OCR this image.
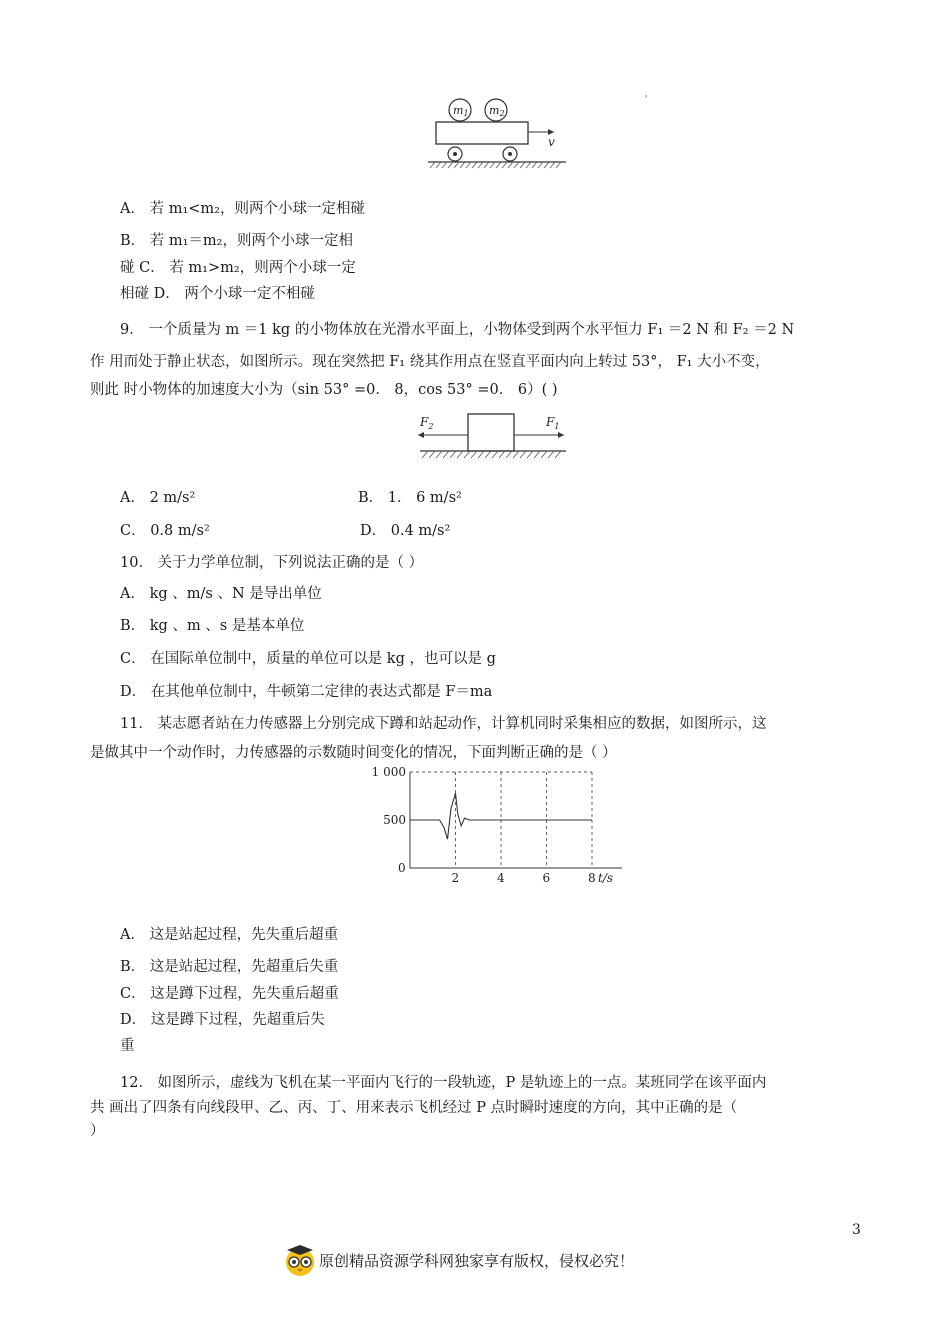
m1 m2
v
'
A． 若 m₁<m₂，则两个小球一定相碰
B． 若 m₁＝m₂，则两个小球一定相
碰 C． 若 m₁>m₂，则两个小球一定
相碰 D． 两个小球一定不相碰
9． 一个质量为 m ＝1 kg 的小物体放在光滑水平面上，小物体受到两个水平恒力 F₁ ＝2 N 和 F₂ ＝2 N
作 用而处于静止状态，如图所示。现在突然把 F₁ 绕其作用点在竖直平面内向上转过 53°， F₁ 大小不变，
则此 时小物体的加速度大小为（sin 53° =0． 8，cos 53° =0． 6）( )
$F_2$	$F_1$
A． 2 m/s²	B． 1． 6 m/s²
C． 0.8 m/s²	D． 0.4 m/s²
10． 关于力学单位制，下列说法正确的是（ ）
A． kg 、m/s 、N 是导出单位
B． kg 、m 、s 是基本单位
C． 在国际单位制中，质量的单位可以是 kg ，也可以是 g
D． 在其他单位制中，牛顿第二定律的表达式都是 F＝ma
11． 某志愿者站在力传感器上分别完成下蹲和站起动作，计算机同时采集相应的数据，如图所示，这
是做其中一个动作时，力传感器的示数随时间变化的情况，下面判断正确的是（ ）
2	4	6	8
0
1 000
500
t/s
A． 这是站起过程，先失重后超重
B． 这是站起过程，先超重后失重
C． 这是蹲下过程，先失重后超重
D． 这是蹲下过程，先超重后失
重
12． 如图所示，虚线为飞机在某一平面内飞行的一段轨迹，P 是轨迹上的一点。某班同学在该平面内
共 画出了四条有向线段甲、乙、丙、丁、用来表示飞机经过 P 点时瞬时速度的方向，其中正确的是（
）
3
原创精品资源学科网独家享有版权，侵权必究！
